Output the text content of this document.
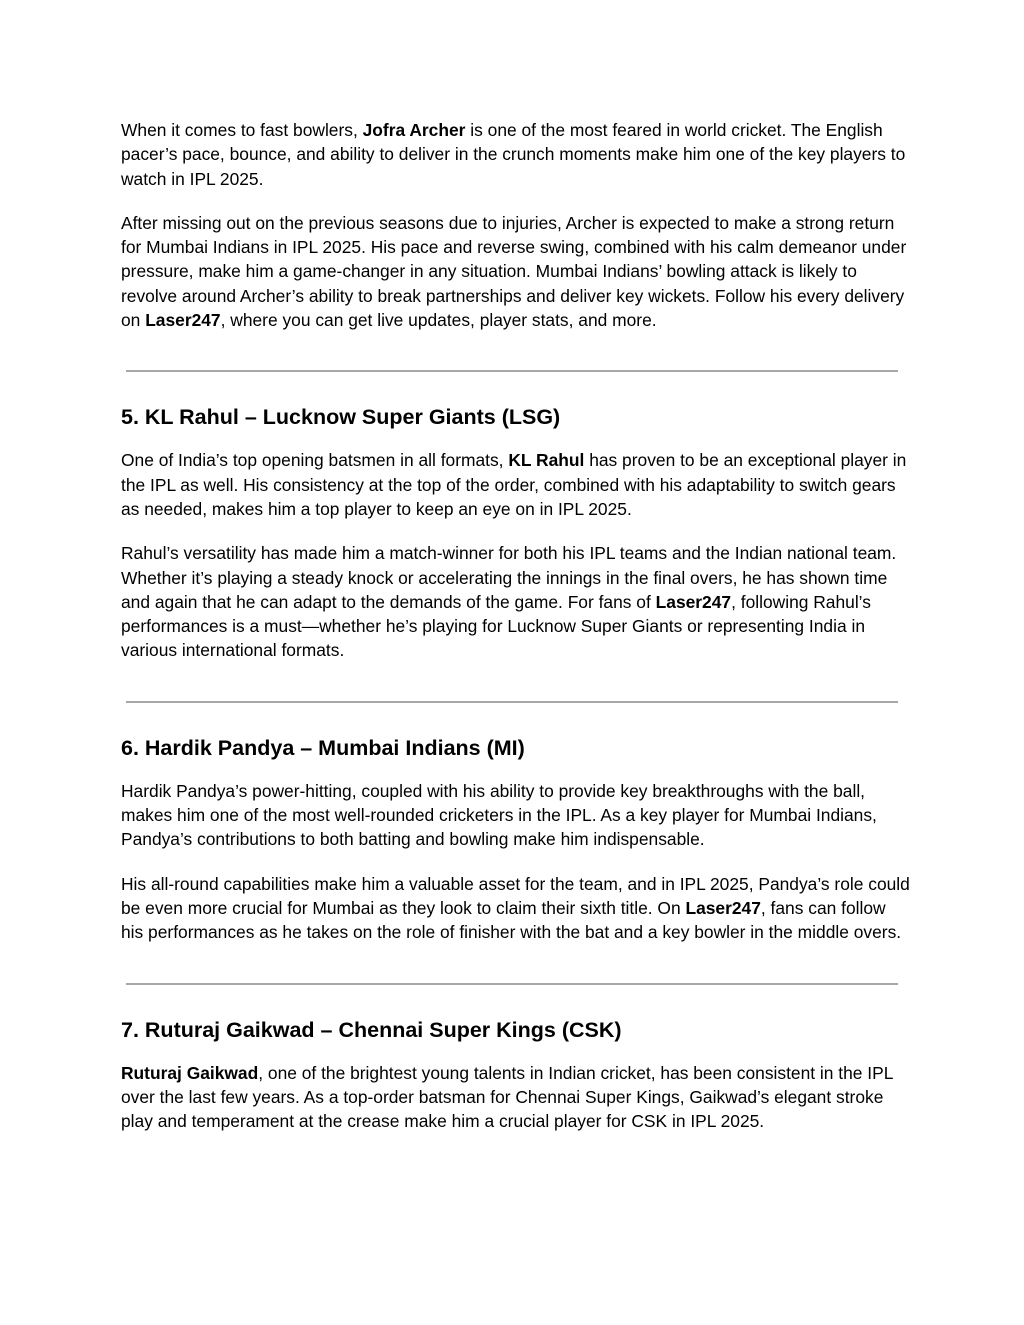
When it comes to fast bowlers, Jofra Archer is one of the most feared in world cricket. The English pacer’s pace, bounce, and ability to deliver in the crunch moments make him one of the key players to watch in IPL 2025.

After missing out on the previous seasons due to injuries, Archer is expected to make a strong return for Mumbai Indians in IPL 2025. His pace and reverse swing, combined with his calm demeanor under pressure, make him a game-changer in any situation. Mumbai Indians’ bowling attack is likely to revolve around Archer’s ability to break partnerships and deliver key wickets. Follow his every delivery on Laser247, where you can get live updates, player stats, and more.

5. KL Rahul – Lucknow Super Giants (LSG)

One of India’s top opening batsmen in all formats, KL Rahul has proven to be an exceptional player in the IPL as well. His consistency at the top of the order, combined with his adaptability to switch gears as needed, makes him a top player to keep an eye on in IPL 2025.

Rahul’s versatility has made him a match-winner for both his IPL teams and the Indian national team. Whether it’s playing a steady knock or accelerating the innings in the final overs, he has shown time and again that he can adapt to the demands of the game. For fans of Laser247, following Rahul’s performances is a must—whether he’s playing for Lucknow Super Giants or representing India in various international formats.

6. Hardik Pandya – Mumbai Indians (MI)

Hardik Pandya’s power-hitting, coupled with his ability to provide key breakthroughs with the ball, makes him one of the most well-rounded cricketers in the IPL. As a key player for Mumbai Indians, Pandya’s contributions to both batting and bowling make him indispensable.

His all-round capabilities make him a valuable asset for the team, and in IPL 2025, Pandya’s role could be even more crucial for Mumbai as they look to claim their sixth title. On Laser247, fans can follow his performances as he takes on the role of finisher with the bat and a key bowler in the middle overs.

7. Ruturaj Gaikwad – Chennai Super Kings (CSK)

Ruturaj Gaikwad, one of the brightest young talents in Indian cricket, has been consistent in the IPL over the last few years. As a top-order batsman for Chennai Super Kings, Gaikwad’s elegant stroke play and temperament at the crease make him a crucial player for CSK in IPL 2025.
